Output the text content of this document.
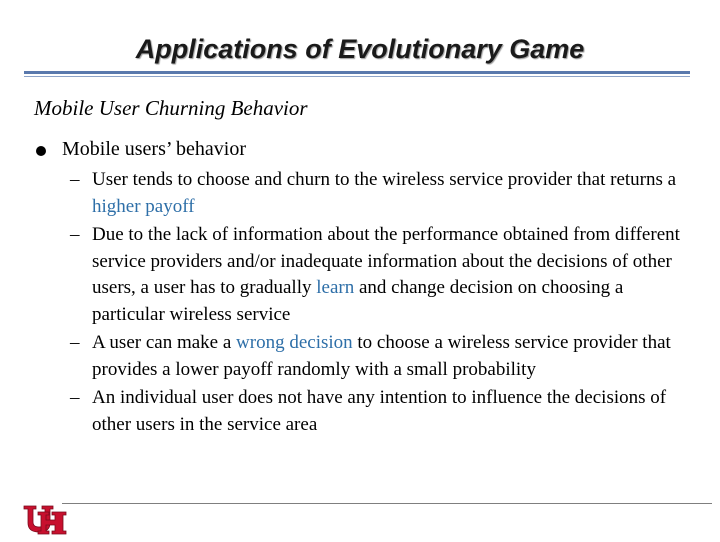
Applications of Evolutionary Game
Mobile User Churning Behavior
Mobile users’ behavior
– User tends to choose and churn to the wireless service provider that returns a higher payoff
– Due to the lack of information about the performance obtained from different service providers and/or inadequate information about the decisions of other users, a user has to gradually learn and change decision on choosing a particular wireless service
– A user can make a wrong decision to choose a wireless service provider that provides a lower payoff randomly with a small probability
– An individual user does not have any intention to influence the decisions of other users in the service area
